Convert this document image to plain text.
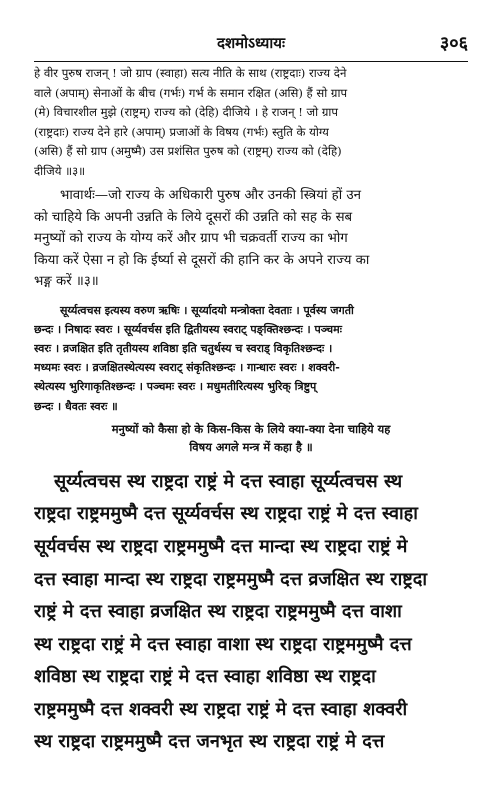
दशमोऽध्यायः	३०६

हे वीर पुरुष राजन् ! जो ग्राप (स्वाहा) सत्य नीति के साथ (राष्ट्रदाः) राज्य देने
वाले (अपाम्) सेनाओं के बीच (गर्भः) गर्भ के समान रक्षित (असि) हैं सो ग्राप
(मे) विचारशील मुझे (राष्ट्रम्) राज्य को (देहि) दीजिये । हे राजन् ! जो ग्राप
(राष्ट्रदाः) राज्य देने हारे (अपाम्) प्रजाओं के विषय (गर्भः) स्तुति के योग्य
(असि) हैं सो ग्राप (अमुष्मै) उस प्रशंसित पुरुष को (राष्ट्रम्) राज्य को (देहि)
दीजिये ॥३॥

भावार्थः—जो राज्य के अधिकारी पुरुष और उनकी स्त्रियां हों उन
को चाहिये कि अपनी उन्नति के लिये दूसरों की उन्नति को सह के सब
मनुष्यों को राज्य के योग्य करें और ग्राप भी चक्रवर्ती राज्य का भोग
किया करें ऐसा न हो कि ईर्ष्या से दूसरों की हानि कर के अपने राज्य का
भङ्ग करें ॥३॥

सूर्य्यत्वचस इत्यस्य वरुण ऋषिः । सूर्य्यादयो मन्त्रोक्ता देवताः । पूर्वस्य जगती
छन्दः । निषादः स्वरः । सूर्य्यवर्चस इति द्वितीयस्य स्वराट् पङ्क्तिश्छन्दः । पञ्चमः
स्वरः । व्रजक्षित इति तृतीयस्य शविष्ठा इति चतुर्थस्य च स्वराड् विकृतिश्छन्दः ।
मध्यमः स्वरः । व्रजक्षितस्थेत्यस्य स्वराट् संकृतिश्छन्दः । गान्धारः स्वरः । शक्वरी-
स्थेत्यस्य भुरिगाकृतिश्छन्दः । पञ्चमः स्वरः । मधुमतीरित्यस्य भुरिक् त्रिष्टुप्
छन्दः । धैवतः स्वरः ॥

मनुष्यों को कैसा हो के किस-किस के लिये क्या-क्या देना चाहिये यह
विषय अगले मन्त्र में कहा है ॥

सूर्य्यत्वचस स्थ राष्ट्रदा राष्ट्रं मे दत्त स्वाहा सूर्य्यत्वचस स्थ
राष्ट्रदा राष्ट्रममुष्मै दत्त सूर्य्यवर्चस स्थ राष्ट्रदा राष्ट्रं मे दत्त स्वाहा
सूर्यवर्चस स्थ राष्ट्रदा राष्ट्रममुष्मै दत्त मान्दा स्थ राष्ट्रदा राष्ट्रं मे
दत्त स्वाहा मान्दा स्थ राष्ट्रदा राष्ट्रममुष्मै दत्त व्रजक्षित स्थ राष्ट्रदा
राष्ट्रं मे दत्त स्वाहा व्रजक्षित स्थ राष्ट्रदा राष्ट्रममुष्मै दत्त वाशा
स्थ राष्ट्रदा राष्ट्रं मे दत्त स्वाहा वाशा स्थ राष्ट्रदा राष्ट्रममुष्मै दत्त
शविष्ठा स्थ राष्ट्रदा राष्ट्रं मे दत्त स्वाहा शविष्ठा स्थ राष्ट्रदा
राष्ट्रममुष्मै दत्त शक्वरी स्थ राष्ट्रदा राष्ट्रं मे दत्त स्वाहा शक्वरी
स्थ राष्ट्रदा राष्ट्रममुष्मै दत्त जनभृत स्थ राष्ट्रदा राष्ट्रं मे दत्त
